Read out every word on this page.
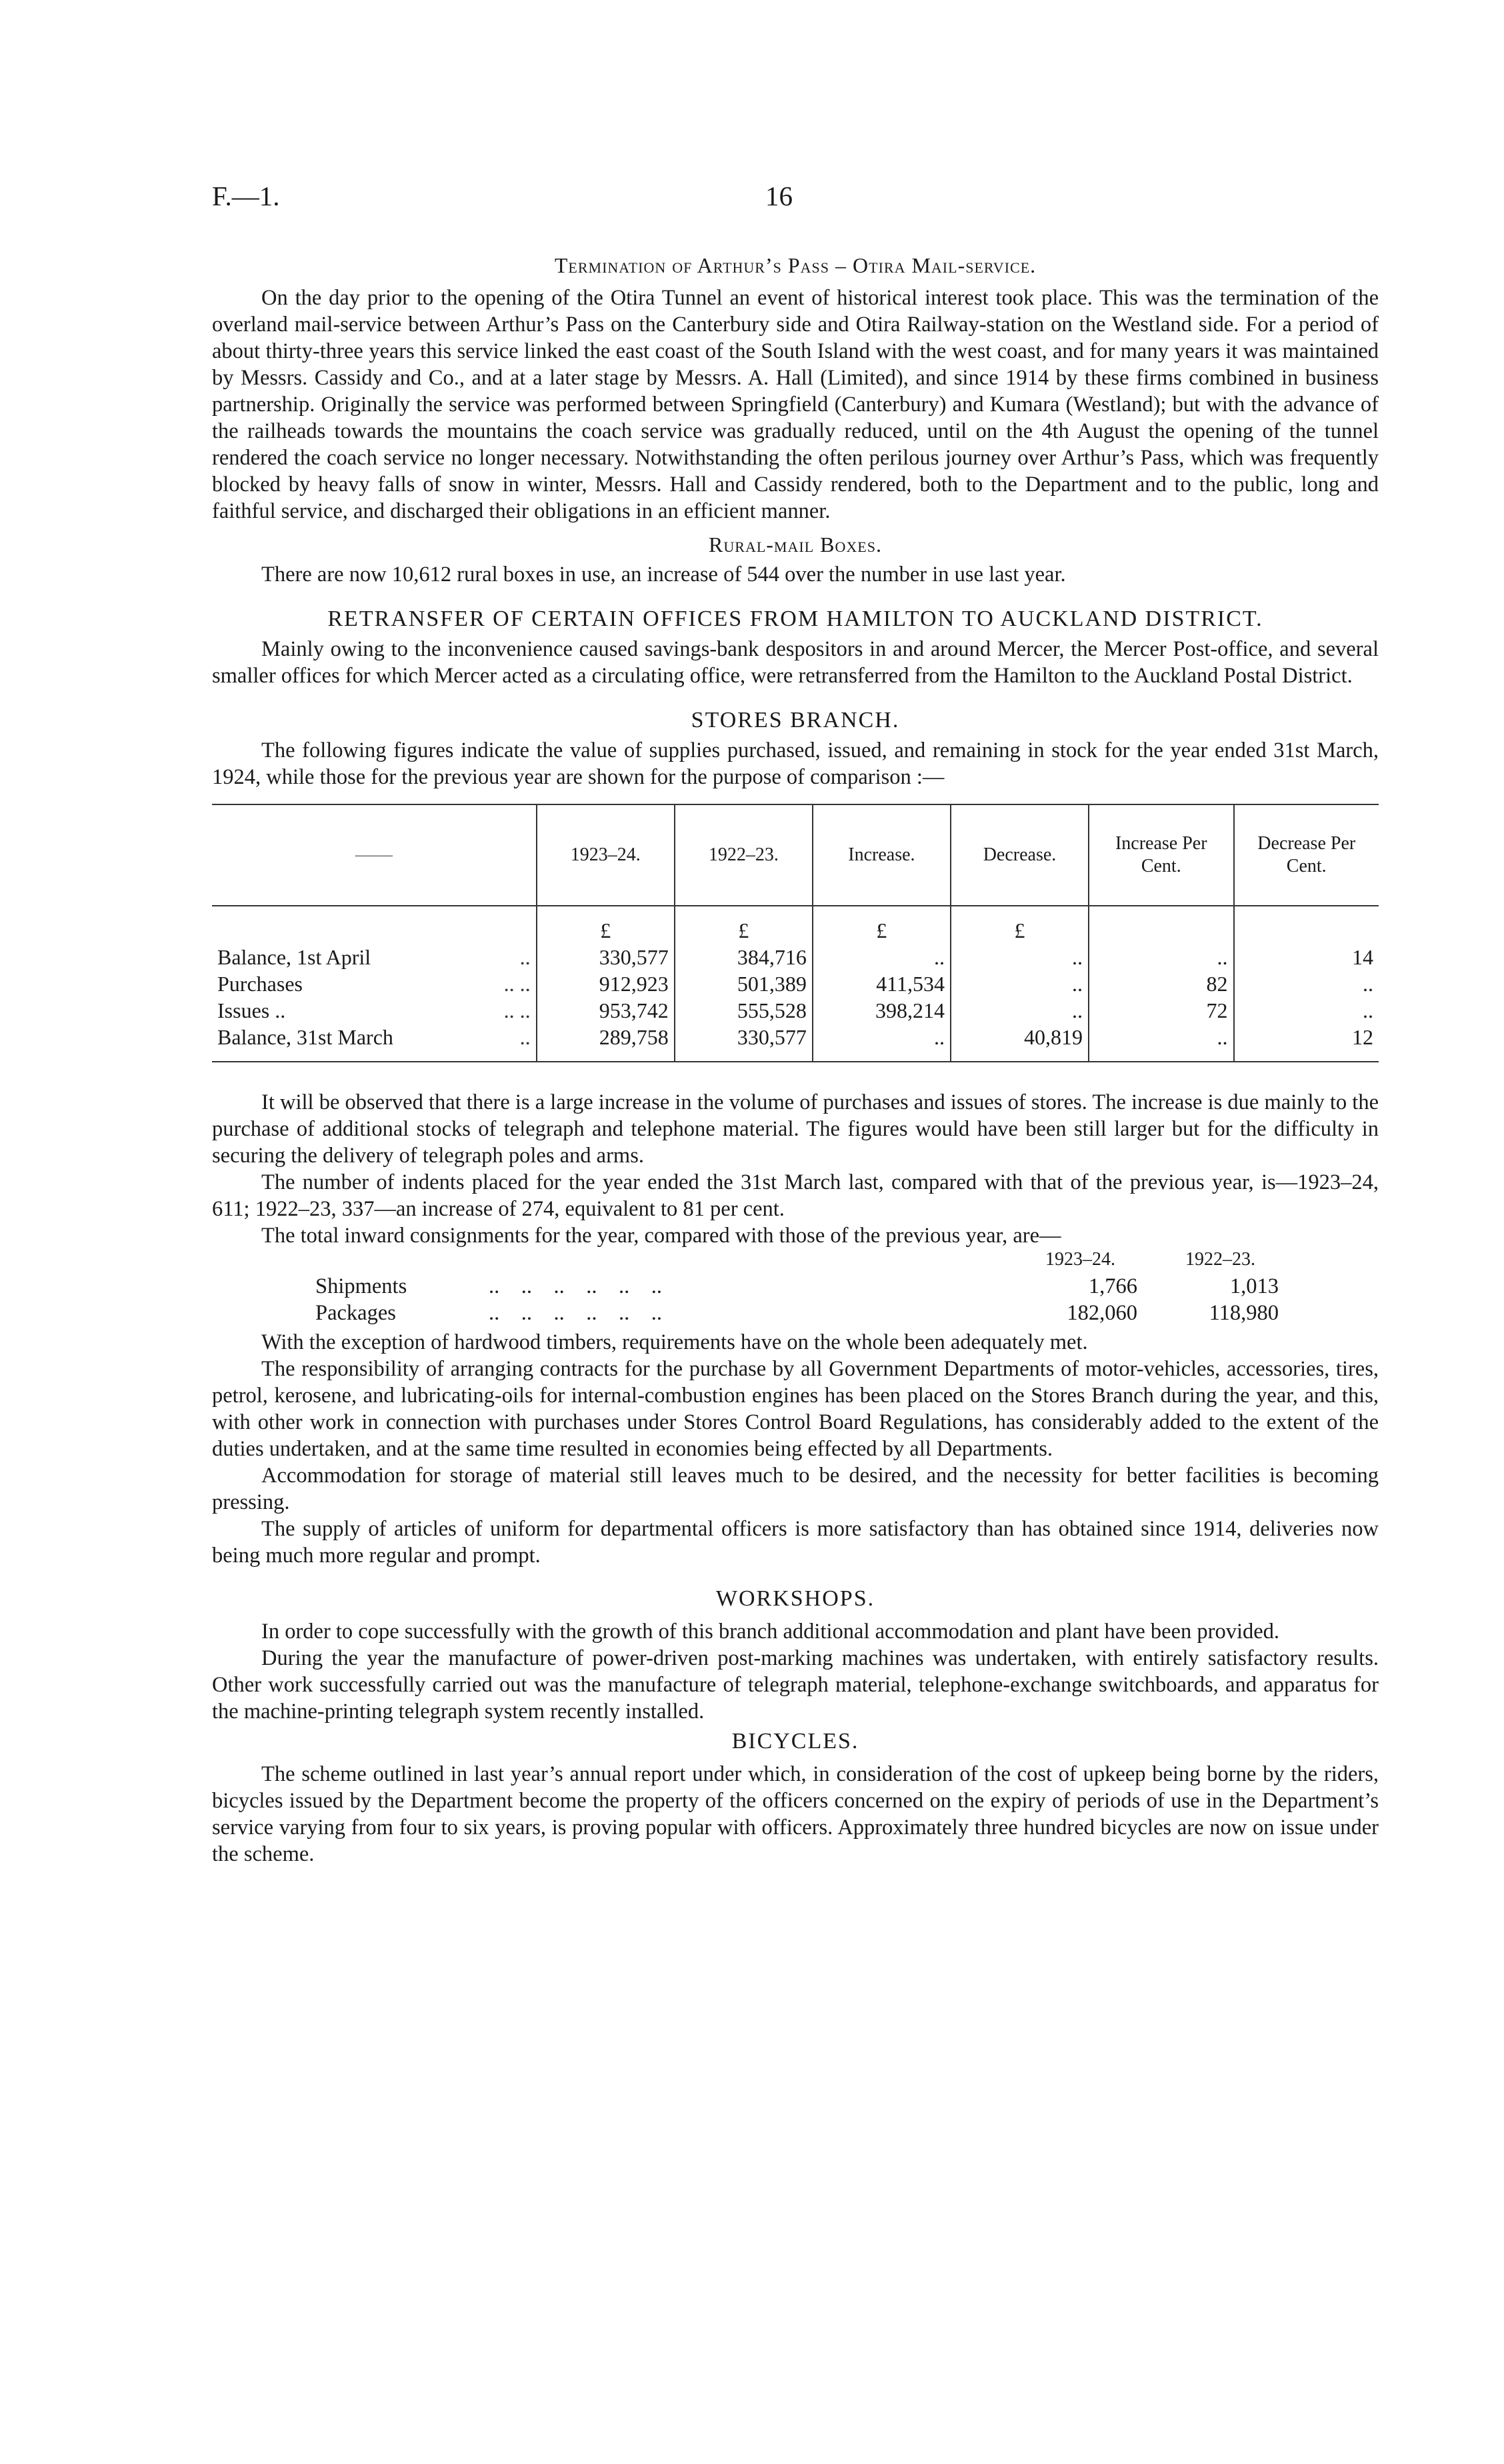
F.—1.	16
Termination of Arthur’s Pass – Otira Mail-service.

On the day prior to the opening of the Otira Tunnel an event of historical interest took place. This was the termination of the overland mail-service between Arthur’s Pass on the Canterbury side and Otira Railway-station on the Westland side. For a period of about thirty-three years this service linked the east coast of the South Island with the west coast, and for many years it was maintained by Messrs. Cassidy and Co., and at a later stage by Messrs. A. Hall (Limited), and since 1914 by these firms combined in business partnership. Originally the service was performed between Springfield (Canterbury) and Kumara (Westland); but with the advance of the railheads towards the mountains the coach service was gradually reduced, until on the 4th August the opening of the tunnel rendered the coach service no longer necessary. Notwithstanding the often perilous journey over Arthur’s Pass, which was frequently blocked by heavy falls of snow in winter, Messrs. Hall and Cassidy rendered, both to the Department and to the public, long and faithful service, and discharged their obligations in an efficient manner.

Rural-mail Boxes.

There are now 10,612 rural boxes in use, an increase of 544 over the number in use last year.

RETRANSFER OF CERTAIN OFFICES FROM HAMILTON TO AUCKLAND DISTRICT.

Mainly owing to the inconvenience caused savings-bank despositors in and around Mercer, the Mercer Post-office, and several smaller offices for which Mercer acted as a circulating office, were retransferred from the Hamilton to the Auckland Postal District.

STORES BRANCH.

The following figures indicate the value of supplies purchased, issued, and remaining in stock for the year ended 31st March, 1924, while those for the previous year are shown for the purpose of comparison :—

——	1923–24.	1922–23.	Increase.	Decrease.	Increase Per Cent.	Decrease Per Cent.
	£	£	£	£		
Balance, 1st April ..	330,577	384,716	..	..	..	14
Purchases .. ..	912,923	501,389	411,534	..	82	..
Issues .. .. ..	953,742	555,528	398,214	..	72	..
Balance, 31st March ..	289,758	330,577	..	40,819	..	12

It will be observed that there is a large increase in the volume of purchases and issues of stores. The increase is due mainly to the purchase of additional stocks of telegraph and telephone material. The figures would have been still larger but for the difficulty in securing the delivery of telegraph poles and arms.

The number of indents placed for the year ended the 31st March last, compared with that of the previous year, is—1923–24, 611; 1922–23, 337—an increase of 274, equivalent to 81 per cent.

The total inward consignments for the year, compared with those of the previous year, are—

1923–24.	1922–23.
Shipments	..    ..    ..    ..    ..    ..	1,766	1,013
Packages	..    ..    ..    ..    ..    ..	182,060	118,980

With the exception of hardwood timbers, requirements have on the whole been adequately met.

The responsibility of arranging contracts for the purchase by all Government Departments of motor-vehicles, accessories, tires, petrol, kerosene, and lubricating-oils for internal-combustion engines has been placed on the Stores Branch during the year, and this, with other work in connection with purchases under Stores Control Board Regulations, has considerably added to the extent of the duties undertaken, and at the same time resulted in economies being effected by all Departments.

Accommodation for storage of material still leaves much to be desired, and the necessity for better facilities is becoming pressing.

The supply of articles of uniform for departmental officers is more satisfactory than has obtained since 1914, deliveries now being much more regular and prompt.

WORKSHOPS.

In order to cope successfully with the growth of this branch additional accommodation and plant have been provided.

During the year the manufacture of power-driven post-marking machines was undertaken, with entirely satisfactory results. Other work successfully carried out was the manufacture of telegraph material, telephone-exchange switchboards, and apparatus for the machine-printing telegraph system recently installed.

BICYCLES.

The scheme outlined in last year’s annual report under which, in consideration of the cost of upkeep being borne by the riders, bicycles issued by the Department become the property of the officers concerned on the expiry of periods of use in the Department’s service varying from four to six years, is proving popular with officers. Approximately three hundred bicycles are now on issue under the scheme.
